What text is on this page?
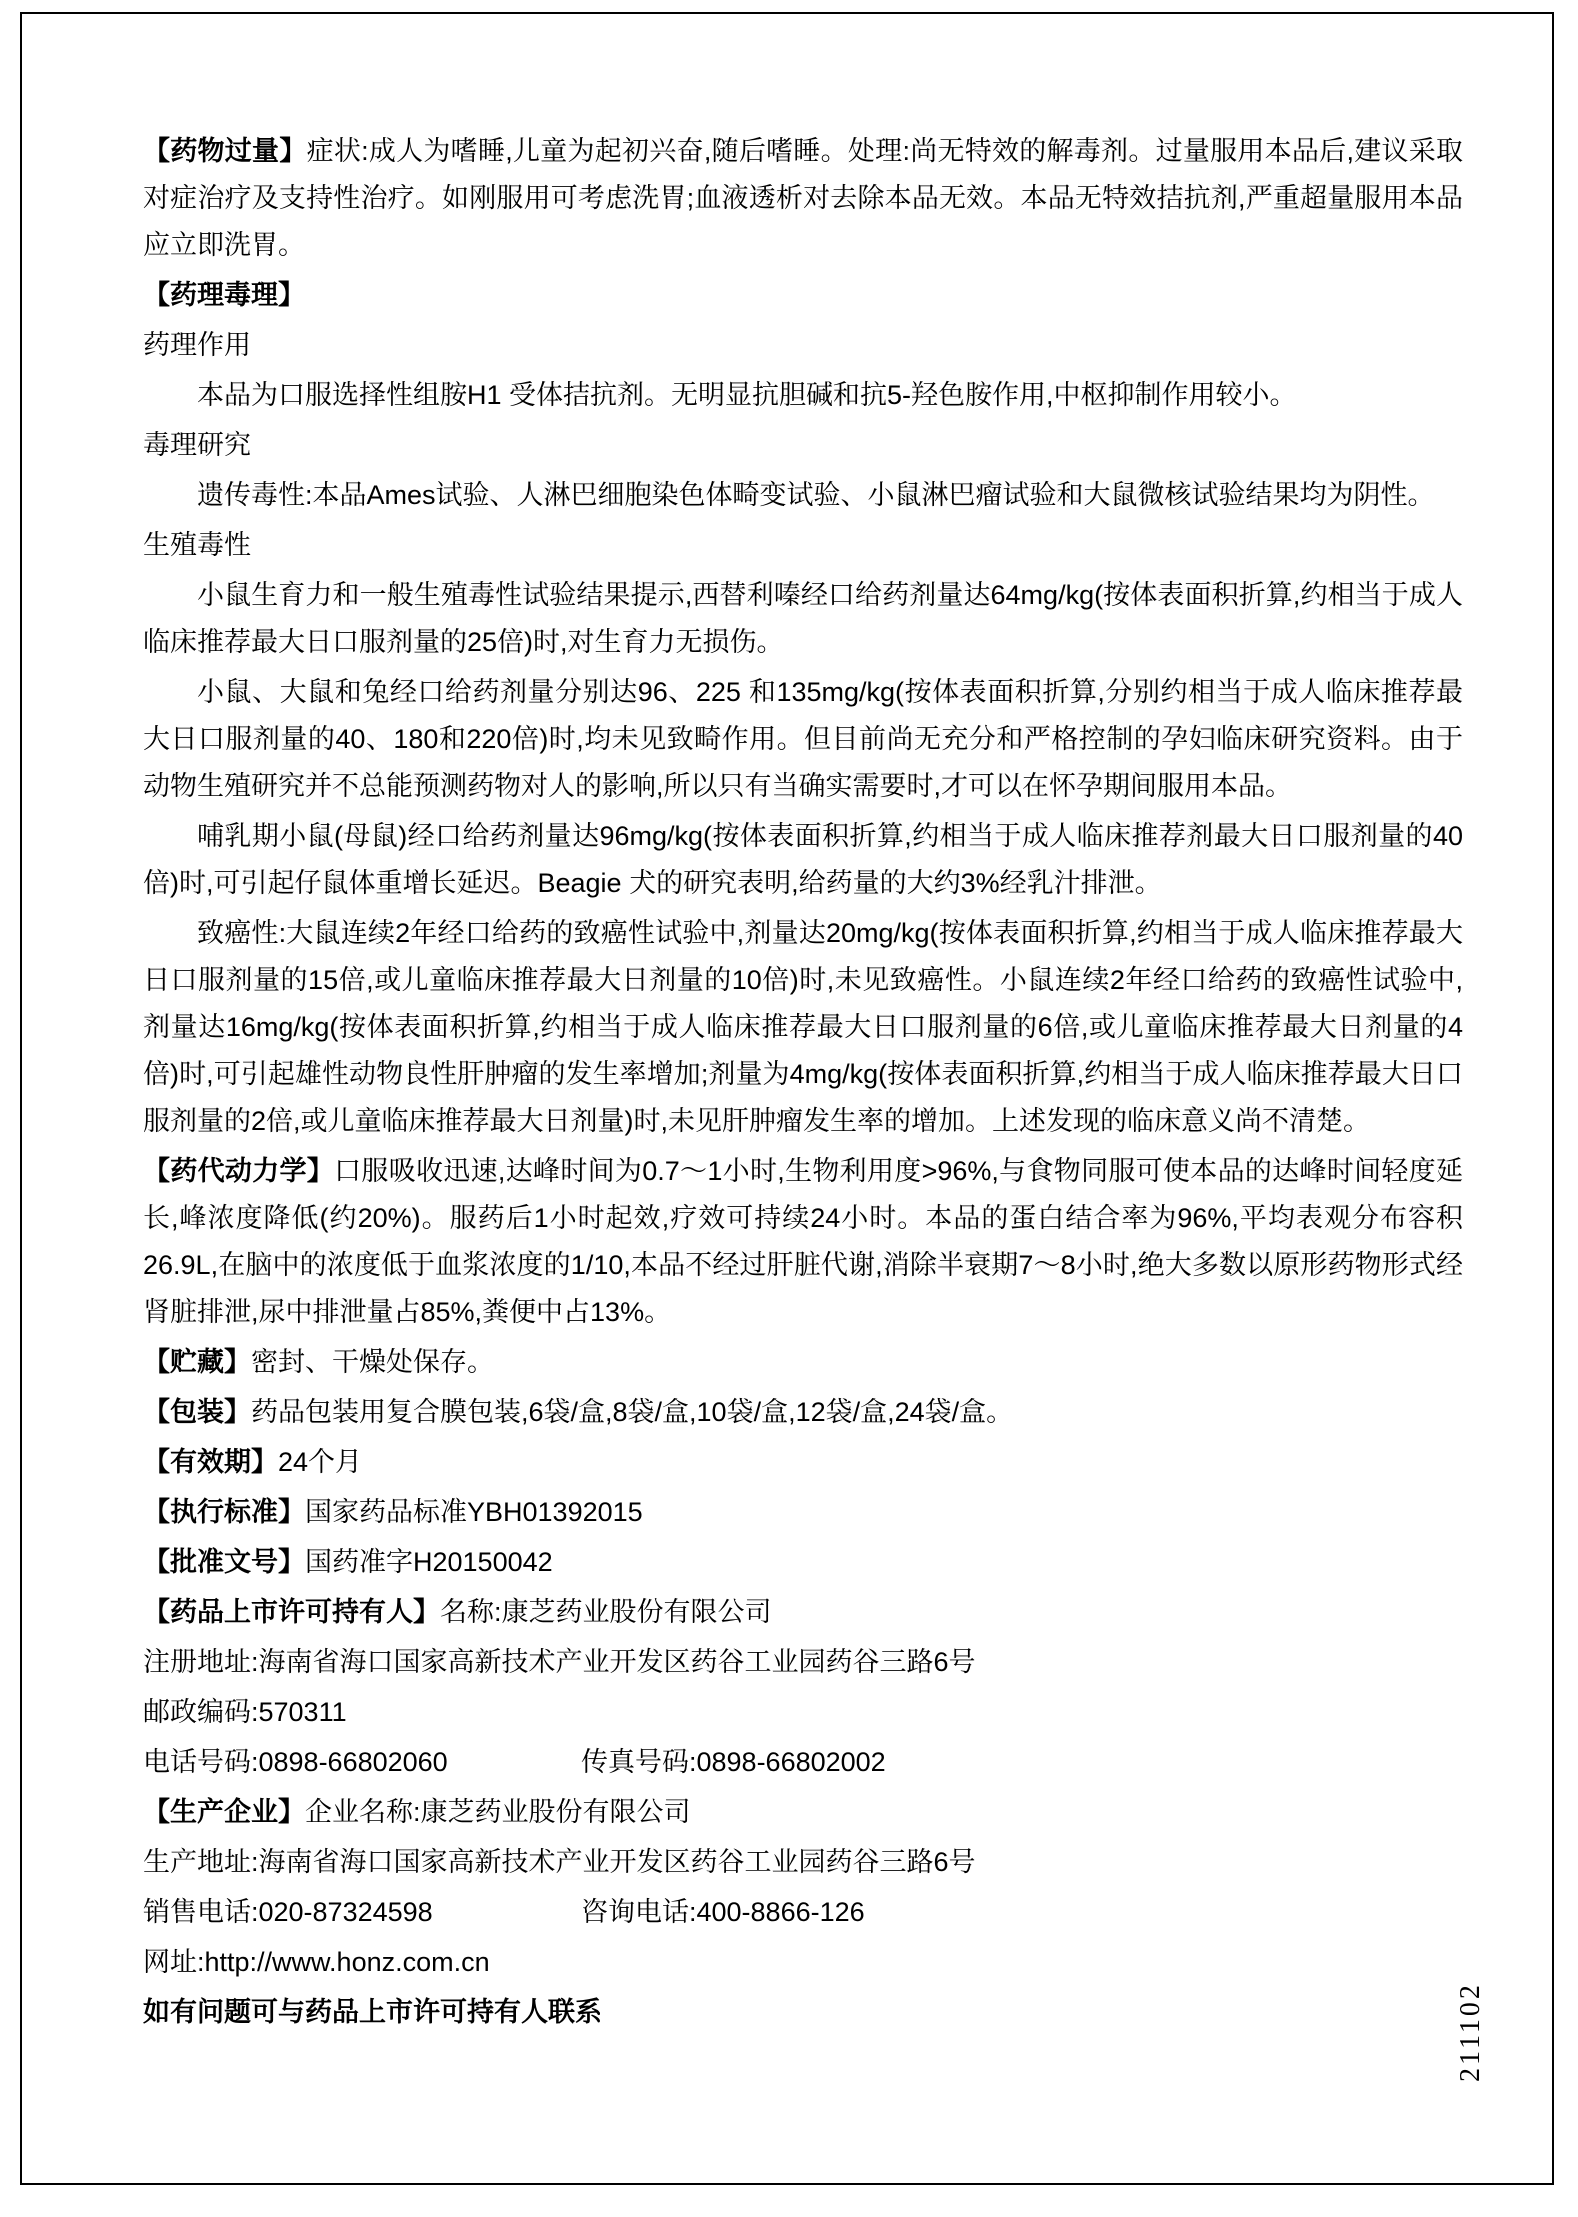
【药物过量】症状:成人为嗜睡,儿童为起初兴奋,随后嗜睡。处理:尚无特效的解毒剂。过量服用本品后,建议采取对症治疗及支持性治疗。如刚服用可考虑洗胃;血液透析对去除本品无效。本品无特效拮抗剂,严重超量服用本品应立即洗胃。

【药理毒理】

药理作用

本品为口服选择性组胺H1 受体拮抗剂。无明显抗胆碱和抗5-羟色胺作用,中枢抑制作用较小。

毒理研究

遗传毒性:本品Ames试验、人淋巴细胞染色体畸变试验、小鼠淋巴瘤试验和大鼠微核试验结果均为阴性。

生殖毒性

小鼠生育力和一般生殖毒性试验结果提示,西替利嗪经口给药剂量达64mg/kg(按体表面积折算,约相当于成人临床推荐最大日口服剂量的25倍)时,对生育力无损伤。

小鼠、大鼠和兔经口给药剂量分别达96、225 和135mg/kg(按体表面积折算,分别约相当于成人临床推荐最大日口服剂量的40、180和220倍)时,均未见致畸作用。但目前尚无充分和严格控制的孕妇临床研究资料。由于动物生殖研究并不总能预测药物对人的影响,所以只有当确实需要时,才可以在怀孕期间服用本品。

哺乳期小鼠(母鼠)经口给药剂量达96mg/kg(按体表面积折算,约相当于成人临床推荐剂最大日口服剂量的40倍)时,可引起仔鼠体重增长延迟。Beagie 犬的研究表明,给药量的大约3%经乳汁排泄。

致癌性:大鼠连续2年经口给药的致癌性试验中,剂量达20mg/kg(按体表面积折算,约相当于成人临床推荐最大日口服剂量的15倍,或儿童临床推荐最大日剂量的10倍)时,未见致癌性。小鼠连续2年经口给药的致癌性试验中,剂量达16mg/kg(按体表面积折算,约相当于成人临床推荐最大日口服剂量的6倍,或儿童临床推荐最大日剂量的4倍)时,可引起雄性动物良性肝肿瘤的发生率增加;剂量为4mg/kg(按体表面积折算,约相当于成人临床推荐最大日口服剂量的2倍,或儿童临床推荐最大日剂量)时,未见肝肿瘤发生率的增加。上述发现的临床意义尚不清楚。

【药代动力学】口服吸收迅速,达峰时间为0.7～1小时,生物利用度>96%,与食物同服可使本品的达峰时间轻度延长,峰浓度降低(约20%)。服药后1小时起效,疗效可持续24小时。本品的蛋白结合率为96%,平均表观分布容积26.9L,在脑中的浓度低于血浆浓度的1/10,本品不经过肝脏代谢,消除半衰期7～8小时,绝大多数以原形药物形式经肾脏排泄,尿中排泄量占85%,粪便中占13%。

【贮藏】密封、干燥处保存。

【包装】药品包装用复合膜包装,6袋/盒,8袋/盒,10袋/盒,12袋/盒,24袋/盒。

【有效期】24个月

【执行标准】国家药品标准YBH01392015

【批准文号】国药准字H20150042

【药品上市许可持有人】名称:康芝药业股份有限公司

注册地址:海南省海口国家高新技术产业开发区药谷工业园药谷三路6号

邮政编码:570311

电话号码:0898-66802060	传真号码:0898-66802002

【生产企业】企业名称:康芝药业股份有限公司

生产地址:海南省海口国家高新技术产业开发区药谷工业园药谷三路6号

销售电话:020-87324598	咨询电话:400-8866-126

网址:http://www.honz.com.cn

如有问题可与药品上市许可持有人联系	211102
